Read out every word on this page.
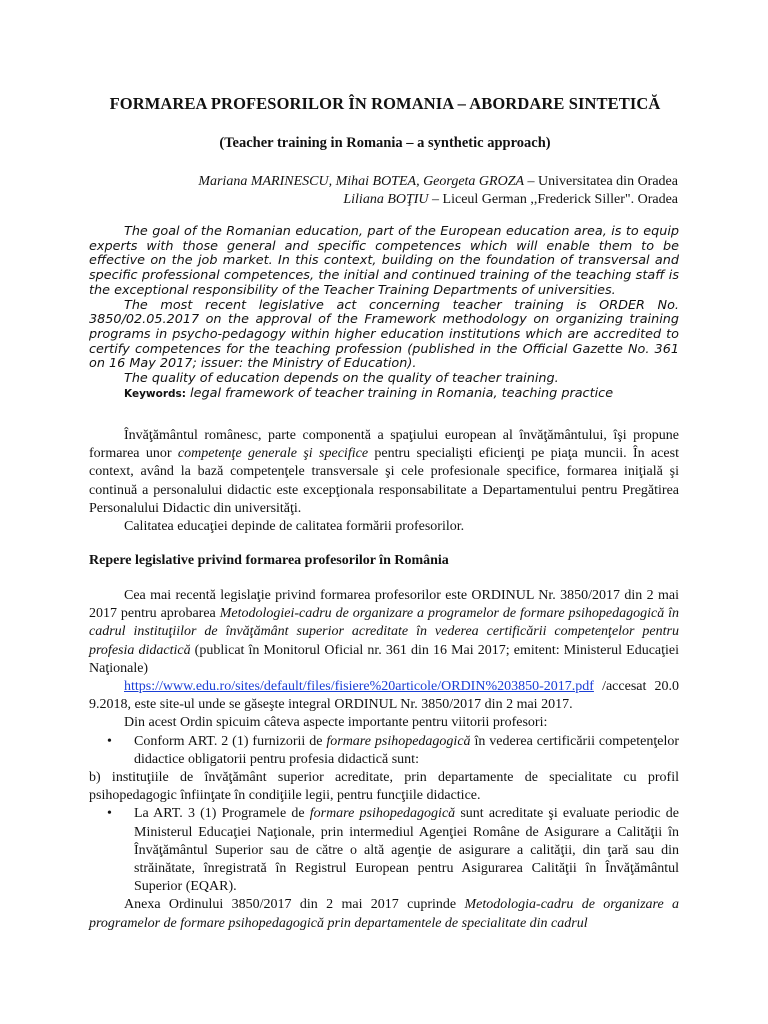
FORMAREA PROFESORILOR ÎN ROMANIA – ABORDARE SINTETICĂ
(Teacher training in Romania – a synthetic approach)
Mariana MARINESCU, Mihai BOTEA, Georgeta GROZA – Universitatea din Oradea
Liliana BOŢIU – Liceul German ,,Frederick Siller". Oradea

The goal of the Romanian education, part of the European education area, is to equip experts with those general and specific competences which will enable them to be effective on the job market. In this context, building on the foundation of transversal and specific professional competences, the initial and continued training of the teaching staff is the exceptional responsibility of the Teacher Training Departments of universities.

The most recent legislative act concerning teacher training is ORDER No. 3850/02.05.2017 on the approval of the Framework methodology on organizing training programs in psycho-pedagogy within higher education institutions which are accredited to certify competences for the teaching profession (published in the Official Gazette No. 361 on 16 May 2017; issuer: the Ministry of Education).

The quality of education depends on the quality of teacher training.

Keywords: legal framework of teacher training in Romania, teaching practice

Învăţământul românesc, parte componentă a spaţiului european al învăţământului, îşi propune formarea unor competenţe generale şi specifice pentru specialişti eficienţi pe piaţa muncii. În acest context, având la bază competenţele transversale şi cele profesionale specifice, formarea iniţială şi continuă a personalului didactic este excepţionala responsabilitate a Departamentului pentru Pregătirea Personalului Didactic din universităţi.

Calitatea educaţiei depinde de calitatea formării profesorilor.

Repere legislative privind formarea profesorilor în România

Cea mai recentă legislaţie privind formarea profesorilor este ORDINUL Nr. 3850/2017 din 2 mai 2017 pentru aprobarea Metodologiei-cadru de organizare a programelor de formare psihopedagogică în cadrul instituţiilor de învăţământ superior acreditate în vederea certificării competenţelor pentru profesia didactică (publicat în Monitorul Oficial nr. 361 din 16 Mai 2017; emitent: Ministerul Educaţiei Naţionale)

https://www.edu.ro/sites/default/files/fisiere%20articole/ORDIN%203850-2017.pdf /accesat 20.09.2018, este site-ul unde se găseşte integral ORDINUL Nr. 3850/2017 din 2 mai 2017.

Din acest Ordin spicuim câteva aspecte importante pentru viitorii profesori:

• Conform ART. 2 (1) furnizorii de formare psihopedagogică în vederea certificării competenţelor didactice obligatorii pentru profesia didactică sunt:

b) instituţiile de învăţământ superior acreditate, prin departamente de specialitate cu profil psihopedagogic înfiinţate în condiţiile legii, pentru funcţiile didactice.

• La ART. 3 (1) Programele de formare psihopedagogică sunt acreditate şi evaluate periodic de Ministerul Educaţiei Naţionale, prin intermediul Agenţiei Române de Asigurare a Calităţii în Învăţământul Superior sau de către o altă agenţie de asigurare a calităţii, din ţară sau din străinătate, înregistrată în Registrul European pentru Asigurarea Calităţii în Învăţământul Superior (EQAR).

Anexa Ordinului 3850/2017 din 2 mai 2017 cuprinde Metodologia-cadru de organizare a programelor de formare psihopedagogică prin departamentele de specialitate din cadrul
